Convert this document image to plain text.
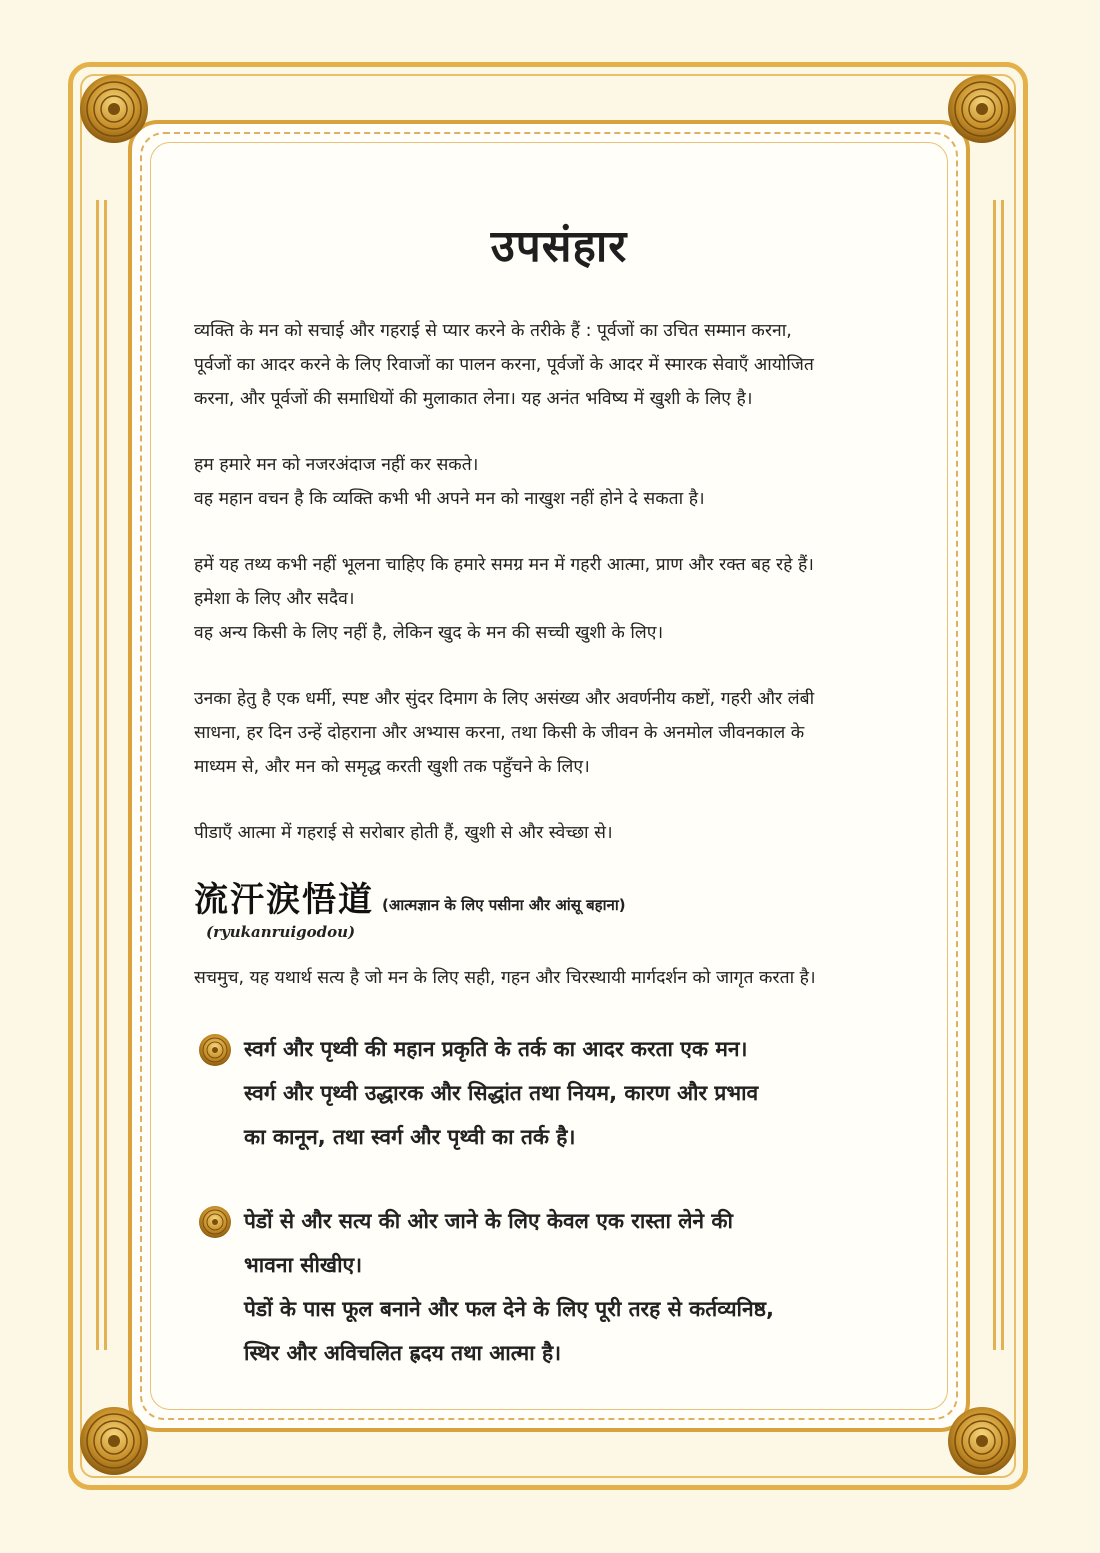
उपसंहार

व्यक्ति के मन को सचाई और गहराई से प्यार करने के तरीके हैं : पूर्वजों का उचित सम्मान करना,
पूर्वजों का आदर करने के लिए रिवाजों का पालन करना, पूर्वजों के आदर में स्मारक सेवाएँ आयोजित
करना, और पूर्वजों की समाधियों की मुलाकात लेना। यह अनंत भविष्य में खुशी के लिए है।

हम हमारे मन को नजरअंदाज नहीं कर सकते।
वह महान वचन है कि व्यक्ति कभी भी अपने मन को नाखुश नहीं होने दे सकता है।

हमें यह तथ्य कभी नहीं भूलना चाहिए कि हमारे समग्र मन में गहरी आत्मा, प्राण और रक्त बह रहे हैं।
हमेशा के लिए और सदैव।
वह अन्य किसी के लिए नहीं है, लेकिन खुद के मन की सच्ची खुशी के लिए।

उनका हेतु है एक धर्मी, स्पष्ट और सुंदर दिमाग के लिए असंख्य और अवर्णनीय कष्टों, गहरी और लंबी
साधना, हर दिन उन्हें दोहराना और अभ्यास करना, तथा किसी के जीवन के अनमोल जीवनकाल के
माध्यम से, और मन को समृद्ध करती खुशी तक पहुँचने के लिए।

पीडाएँ आत्मा में गहराई से सरोबार होती हैं, खुशी से और स्वेच्छा से।

流汗涙悟道 (आत्मज्ञान के लिए पसीना और आंसू बहाना)
(ryukanruigodou)

सचमुच, यह यथार्थ सत्य है जो मन के लिए सही, गहन और चिरस्थायी मार्गदर्शन को जागृत करता है।

स्वर्ग और पृथ्वी की महान प्रकृति के तर्क का आदर करता एक मन।
स्वर्ग और पृथ्वी उद्धारक और सिद्धांत तथा नियम, कारण और प्रभाव
का कानून, तथा स्वर्ग और पृथ्वी का तर्क है।
पेडों से और सत्य की ओर जाने के लिए केवल एक रास्ता लेने की
भावना सीखीए।
पेडों के पास फूल बनाने और फल देने के लिए पूरी तरह से कर्तव्यनिष्ठ,
स्थिर और अविचलित ह्रदय तथा आत्मा है।
